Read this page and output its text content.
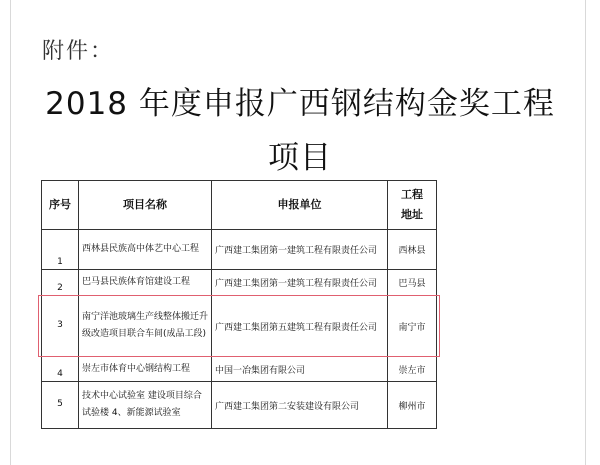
附件：
2018 年度申报广西钢结构金奖工程
项目
序号	项目名称	申报单位	工程地址
1	西林县民族高中体艺中心工程	广西建工集团第一建筑工程有限责任公司	西林县
2	巴马县民族体育馆建设工程	广西建工集团第一建筑工程有限责任公司	巴马县
3	南宁洋池玻璃生产线整体搬迁升级改造项目联合车间(成品工段)	广西建工集团第五建筑工程有限责任公司	南宁市
4	崇左市体育中心钢结构工程	中国一冶集团有限公司	崇左市
5	技术中心试验室 建设项目综合试验楼 4、新能源试验室	广西建工集团第二安装建设有限公司	柳州市
